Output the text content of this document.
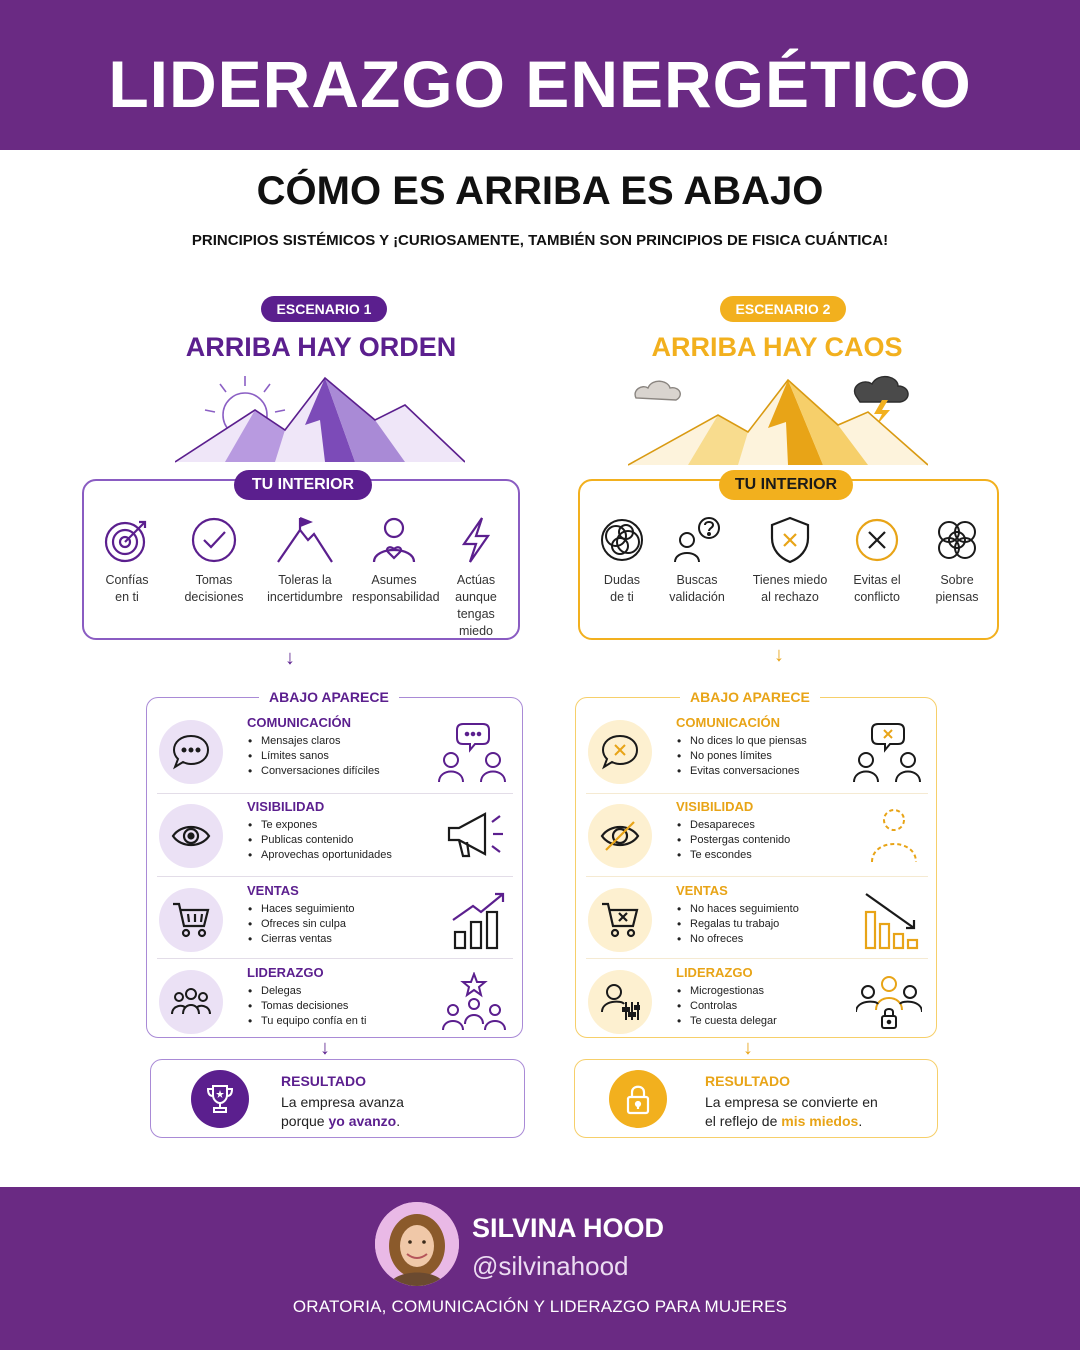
LIDERAZGO ENERGÉTICO
CÓMO ES ARRIBA ES ABAJO
PRINCIPIOS SISTÉMICOS Y ¡CURIOSAMENTE, TAMBIÉN SON PRINCIPIOS DE FISICA CUÁNTICA!
ESCENARIO 1
ARRIBA HAY ORDEN
TU INTERIOR
Confías
en ti
Tomas
decisiones
Toleras la
incertidumbre
Asumes
responsabilidad
Actúas
aunque tengas
miedo
↓
ABAJO APARECE
COMUNICACIÓN
• Mensajes claros
• Límites sanos
• Conversaciones difíciles
VISIBILIDAD
• Te expones
• Publicas contenido
• Aprovechas oportunidades
VENTAS
• Haces seguimiento
• Ofreces sin culpa
• Cierras ventas
LIDERAZGO
• Delegas
• Tomas decisiones
• Tu equipo confía en ti
↓
RESULTADO
La empresa avanza
porque yo avanzo.
ESCENARIO 2
ARRIBA HAY CAOS
TU INTERIOR
Dudas
de ti
Buscas
validación
Tienes miedo
al rechazo
Evitas el
conflicto
Sobre
piensas
↓
ABAJO APARECE
COMUNICACIÓN
• No dices lo que piensas
• No pones límites
• Evitas conversaciones
VISIBILIDAD
• Desapareces
• Postergas contenido
• Te escondes
VENTAS
• No haces seguimiento
• Regalas tu trabajo
• No ofreces
LIDERAZGO
• Microgestionas
• Controlas
• Te cuesta delegar
↓
RESULTADO
La empresa se convierte en
el reflejo de mis miedos.
SILVINA HOOD
@silvinahood
ORATORIA, COMUNICACIÓN Y LIDERAZGO PARA MUJERES
